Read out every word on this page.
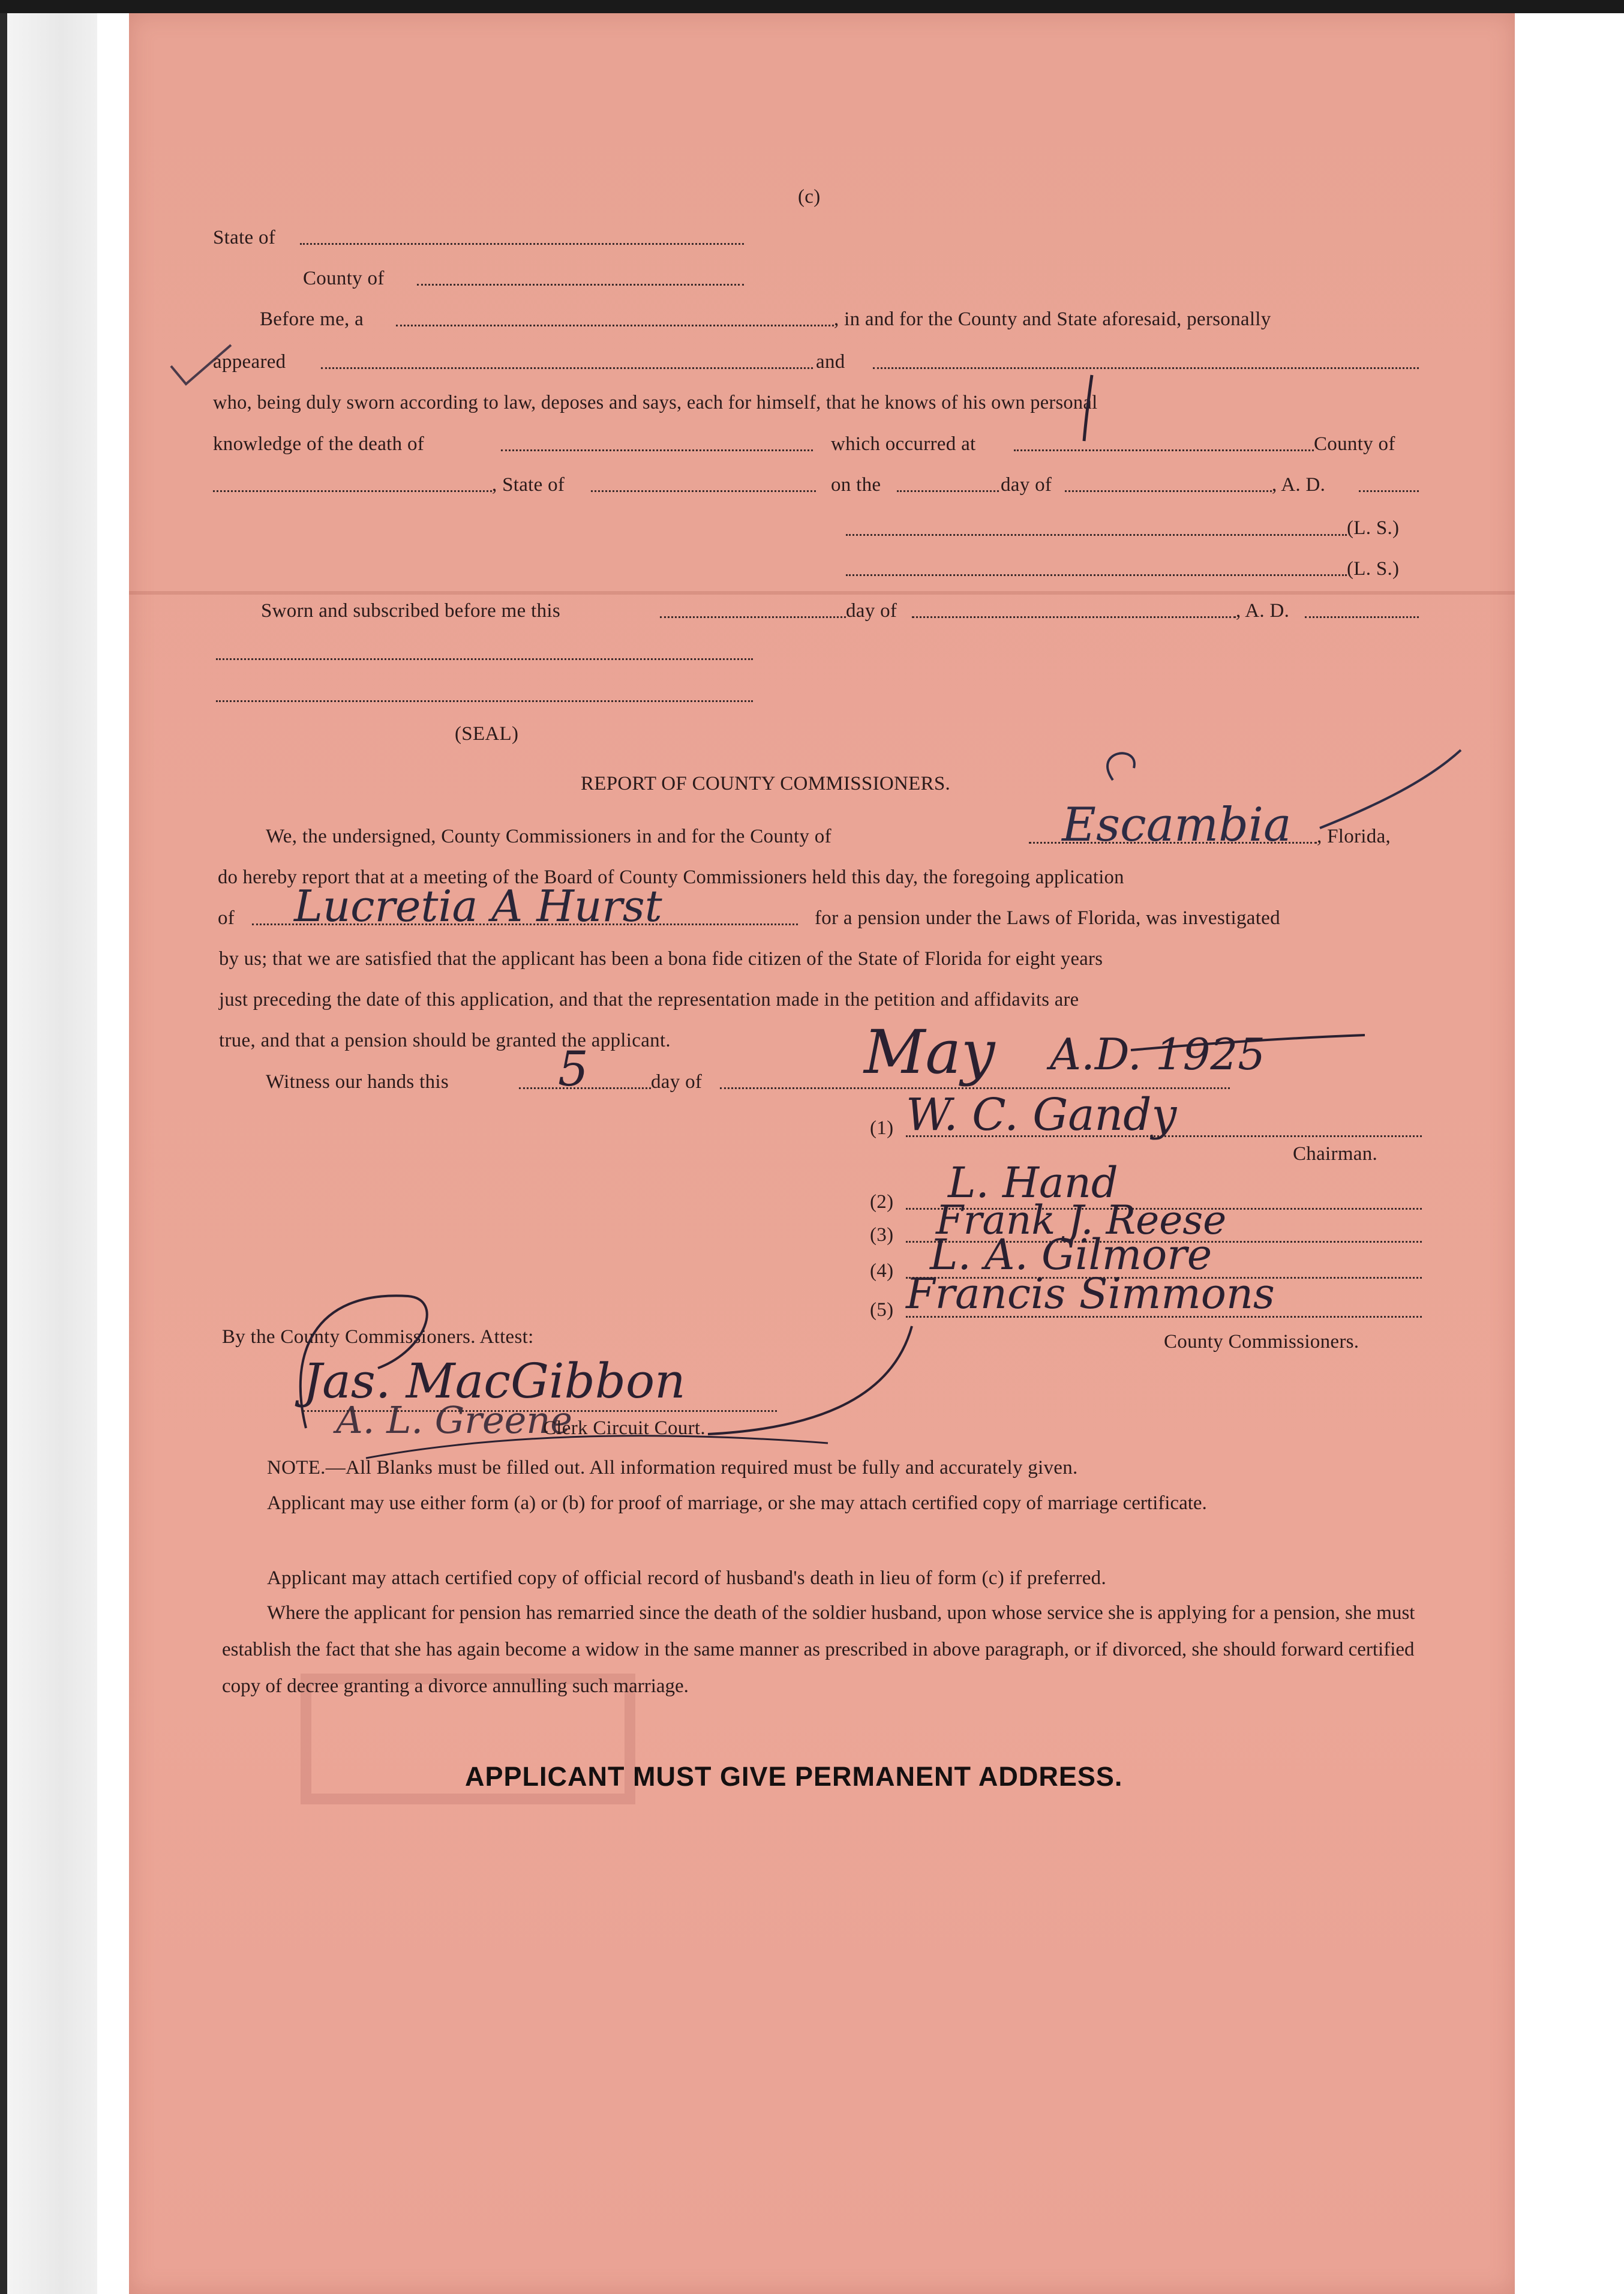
(c)
State of
County of
Before me, a	, in and for the County and State aforesaid, personally
appeared	and
who, being duly sworn according to law, deposes and says, each for himself, that he knows of his own personal
knowledge of the death of	which occurred at	County of
, State of	on the	day of	, A. D.
(L. S.)
(L. S.)
Sworn and subscribed before me this	day of	, A. D.
(SEAL)
REPORT OF COUNTY COMMISSIONERS.
We, the undersigned, County Commissioners in and for the County of	Escambia , Florida,
do hereby report that at a meeting of the Board of County Commissioners held this day, the foregoing application
of Lucretia A Hurst	for a pension under the Laws of Florida, was investigated
by us; that we are satisfied that the applicant has been a bona fide citizen of the State of Florida for eight years
just preceding the date of this application, and that the representation made in the petition and affidavits are
true, and that a pension should be granted the applicant.
Witness our hands this 5	day of	May A.D. 1925
(1) W. C. Gandy
Chairman.
(2) L. Hand
(3) Frank J. Reese
(4) L. A. Gilmore
(5) Francis Simmons
County Commissioners.
By the County Commissioners. Attest:
Jas. MacGibbon
A. L. Greene
Clerk Circuit Court.
NOTE.—All Blanks must be filled out. All information required must be fully and accurately given.
Applicant may use either form (a) or (b) for proof of marriage, or she may attach certified copy of marriage certificate.
Applicant may attach certified copy of official record of husband's death in lieu of form (c) if preferred.
Where the applicant for pension has remarried since the death of the soldier husband, upon whose service she is applying for a pension, she must establish the fact that she has again become a widow in the same manner as prescribed in above paragraph, or if divorced, she should forward certified copy of decree granting a divorce annulling such marriage.
APPLICANT MUST GIVE PERMANENT ADDRESS.
